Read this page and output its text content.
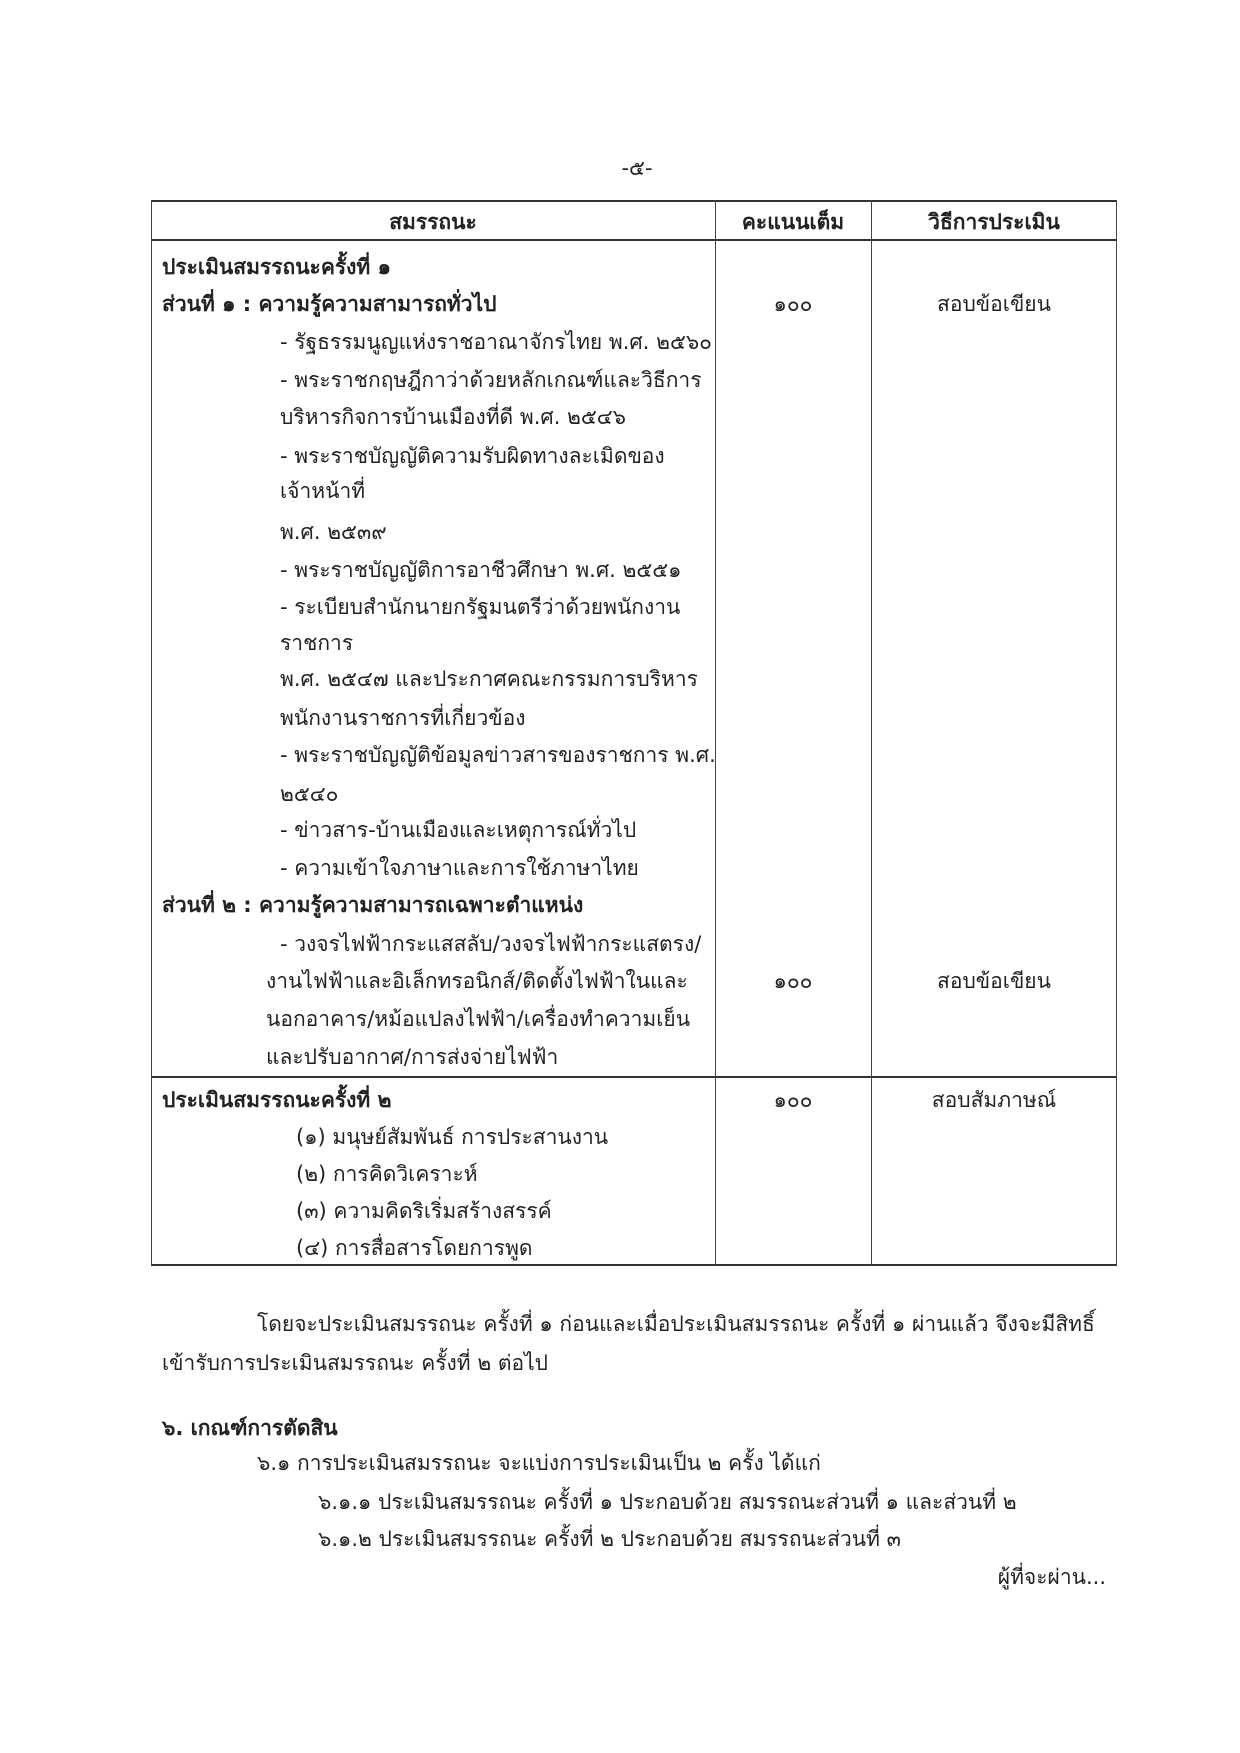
-๕-
สมรรถนะ	คะแนนเต็ม	วิธีการประเมิน
ประเมินสมรรถนะครั้งที่ ๑
ส่วนที่ ๑ : ความรู้ความสามารถทั่วไป	๑๐๐	สอบข้อเขียน
- รัฐธรรมนูญแห่งราชอาณาจักรไทย พ.ศ. ๒๕๖๐
- พระราชกฤษฎีกาว่าด้วยหลักเกณฑ์และวิธีการ
บริหารกิจการบ้านเมืองที่ดี พ.ศ. ๒๕๔๖
- พระราชบัญญัติความรับผิดทางละเมิดของ
เจ้าหน้าที่
พ.ศ. ๒๕๓๙
- พระราชบัญญัติการอาชีวศึกษา พ.ศ. ๒๕๕๑
- ระเบียบสำนักนายกรัฐมนตรีว่าด้วยพนักงาน
ราชการ
พ.ศ. ๒๕๔๗ และประกาศคณะกรรมการบริหาร
พนักงานราชการที่เกี่ยวข้อง
- พระราชบัญญัติข้อมูลข่าวสารของราชการ พ.ศ.
๒๕๔๐
- ข่าวสาร-บ้านเมืองและเหตุการณ์ทั่วไป
- ความเข้าใจภาษาและการใช้ภาษาไทย
ส่วนที่ ๒ : ความรู้ความสามารถเฉพาะตำแหน่ง
- วงจรไฟฟ้ากระแสสลับ/วงจรไฟฟ้ากระแสตรง/
งานไฟฟ้าและอิเล็กทรอนิกส์/ติดตั้งไฟฟ้าในและ	๑๐๐	สอบข้อเขียน
นอกอาคาร/หม้อแปลงไฟฟ้า/เครื่องทำความเย็น
และปรับอากาศ/การส่งจ่ายไฟฟ้า
ประเมินสมรรถนะครั้งที่ ๒	๑๐๐	สอบสัมภาษณ์
(๑) มนุษย์สัมพันธ์ การประสานงาน
(๒) การคิดวิเคราะห์
(๓) ความคิดริเริ่มสร้างสรรค์
(๔) การสื่อสารโดยการพูด
โดยจะประเมินสมรรถนะ ครั้งที่ ๑ ก่อนและเมื่อประเมินสมรรถนะ ครั้งที่ ๑ ผ่านแล้ว จึงจะมีสิทธิ์
เข้ารับการประเมินสมรรถนะ ครั้งที่ ๒ ต่อไป
๖. เกณฑ์การตัดสิน
๖.๑ การประเมินสมรรถนะ จะแบ่งการประเมินเป็น ๒ ครั้ง ได้แก่
๖.๑.๑ ประเมินสมรรถนะ ครั้งที่ ๑ ประกอบด้วย สมรรถนะส่วนที่ ๑ และส่วนที่ ๒
๖.๑.๒ ประเมินสมรรถนะ ครั้งที่ ๒ ประกอบด้วย สมรรถนะส่วนที่ ๓
ผู้ที่จะผ่าน...
